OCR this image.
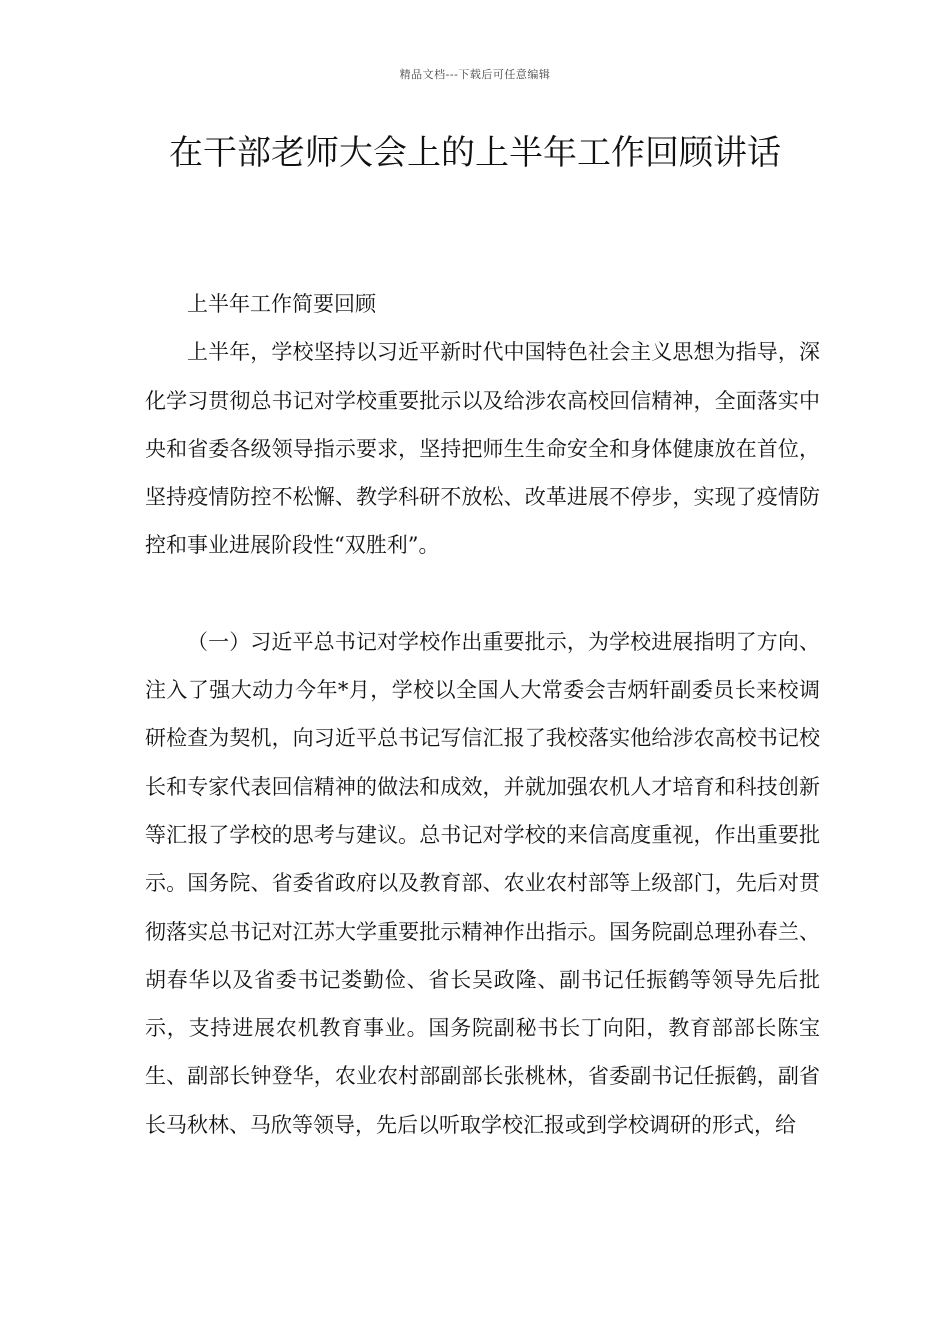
精品文档---下载后可任意编辑
在干部老师大会上的上半年工作回顾讲话

上半年工作简要回顾

上半年，学校坚持以习近平新时代中国特色社会主义思想为指导，深化学习贯彻总书记对学校重要批示以及给涉农高校回信精神，全面落实中央和省委各级领导指示要求，坚持把师生生命安全和身体健康放在首位，坚持疫情防控不松懈、教学科研不放松、改革进展不停步，实现了疫情防控和事业进展阶段性“双胜利”。

（一）习近平总书记对学校作出重要批示，为学校进展指明了方向、注入了强大动力今年*月，学校以全国人大常委会吉炳轩副委员长来校调研检查为契机，向习近平总书记写信汇报了我校落实他给涉农高校书记校长和专家代表回信精神的做法和成效，并就加强农机人才培育和科技创新等汇报了学校的思考与建议。总书记对学校的来信高度重视，作出重要批示。国务院、省委省政府以及教育部、农业农村部等上级部门，先后对贯彻落实总书记对江苏大学重要批示精神作出指示。国务院副总理孙春兰、胡春华以及省委书记娄勤俭、省长吴政隆、副书记任振鹤等领导先后批示，支持进展农机教育事业。国务院副秘书长丁向阳，教育部部长陈宝生、副部长钟登华，农业农村部副部长张桃林，省委副书记任振鹤，副省长马秋林、马欣等领导，先后以听取学校汇报或到学校调研的形式，给
